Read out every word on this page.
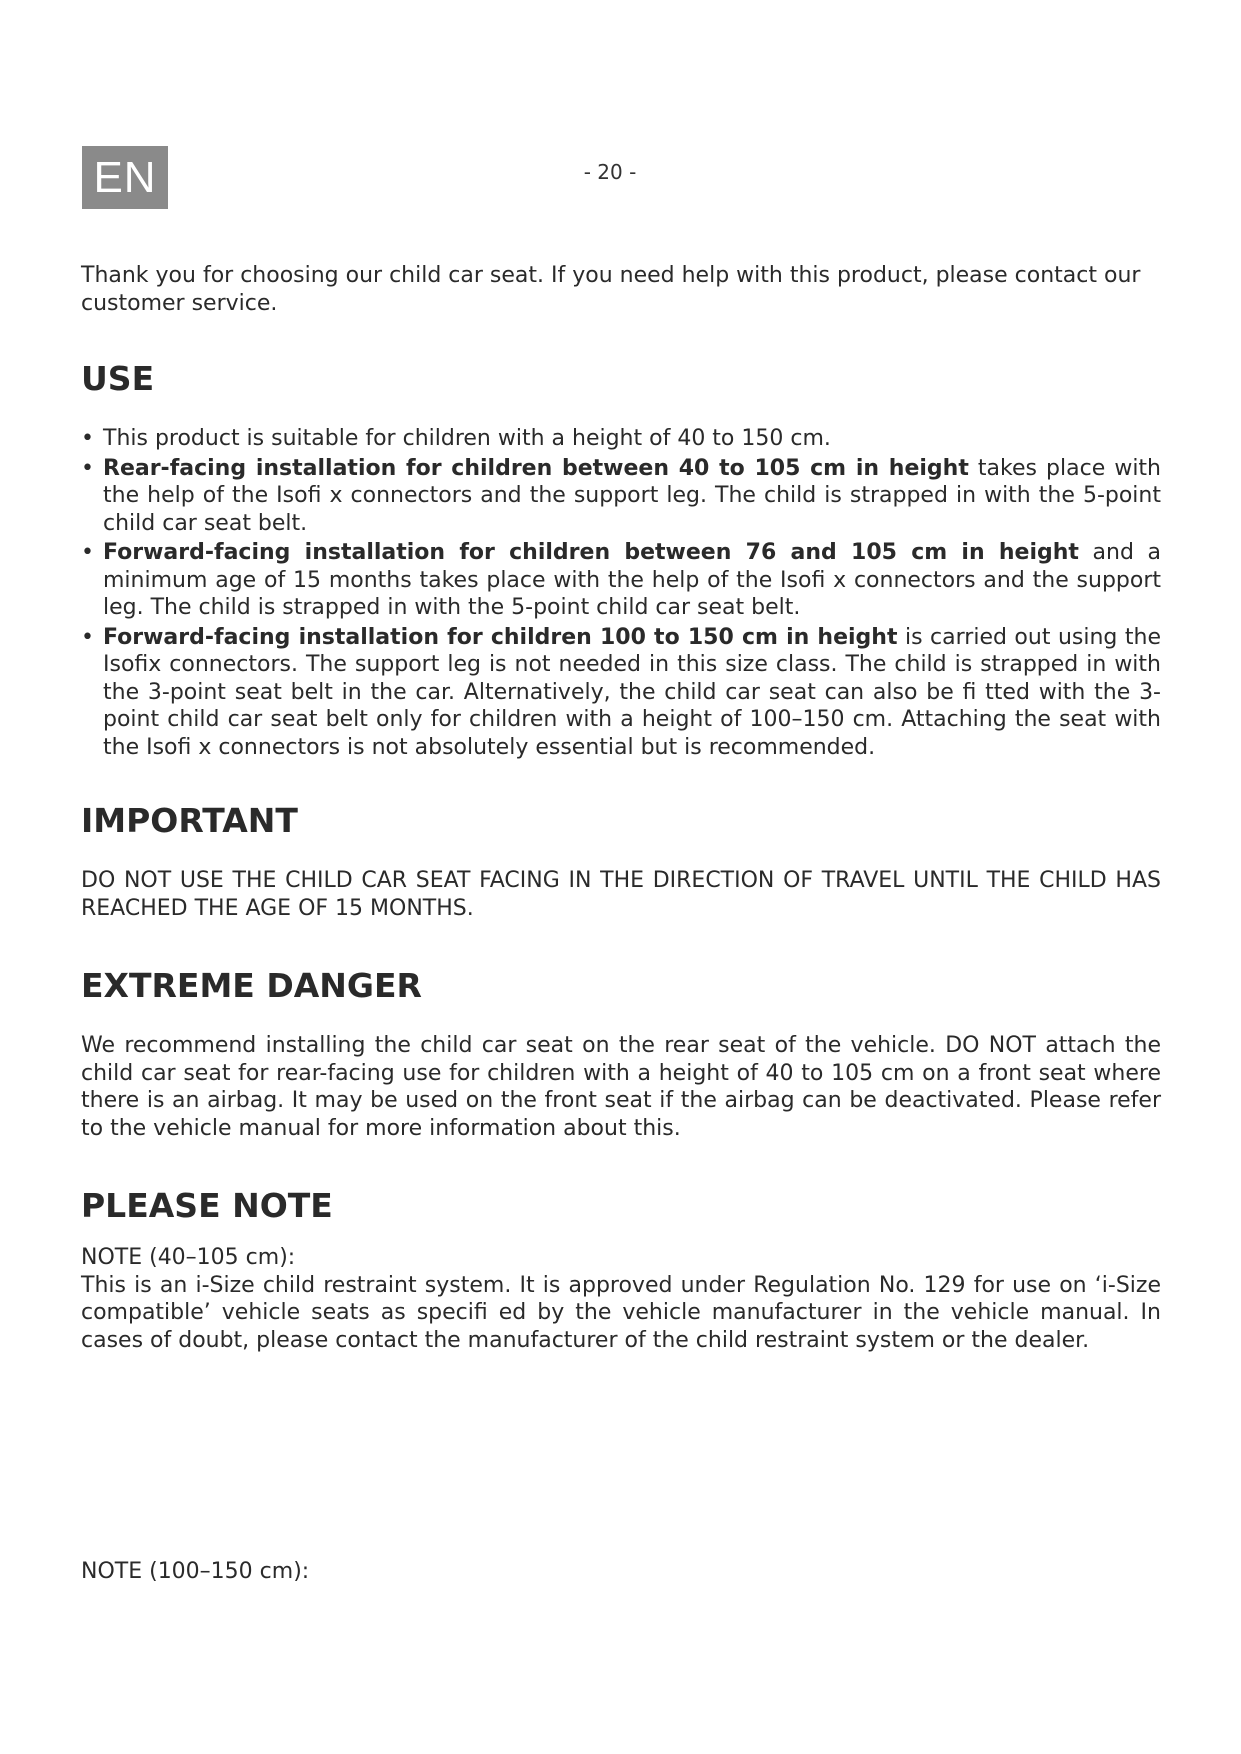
EN	- 20 -

Thank you for choosing our child car seat. If you need help with this product, please contact our customer service.

USE
• This product is suitable for children with a height of 40 to 150 cm.
• Rear-facing installation for children between 40 to 105 cm in height takes place with the help of the Isofi x connectors and the support leg. The child is strapped in with the 5-point child car seat belt.
• Forward-facing installation for children between 76 and 105 cm in height and a minimum age of 15 months takes place with the help of the Isofi x connectors and the support leg. The child is strapped in with the 5-point child car seat belt.
• Forward-facing installation for children 100 to 150 cm in height is carried out using the Isofix connectors. The support leg is not needed in this size class. The child is strapped in with the 3-point seat belt in the car. Alternatively, the child car seat can also be fi tted with the 3-point child car seat belt only for children with a height of 100–150 cm. Attaching the seat with the Isofi x connectors is not absolutely essential but is recommended.
IMPORTANT

DO NOT USE THE CHILD CAR SEAT FACING IN THE DIRECTION OF TRAVEL UNTIL THE CHILD HAS REACHED THE AGE OF 15 MONTHS.

EXTREME DANGER

We recommend installing the child car seat on the rear seat of the vehicle. DO NOT attach the child car seat for rear-facing use for children with a height of 40 to 105 cm on a front seat where there is an airbag. It may be used on the front seat if the airbag can be deactivated. Please refer to the vehicle manual for more information about this.

PLEASE NOTE

NOTE (40–105 cm):

This is an i-Size child restraint system. It is approved under Regulation No. 129 for use on ‘i-Size compatible’ vehicle seats as specifi ed by the vehicle manufacturer in the vehicle manual. In cases of doubt, please contact the manufacturer of the child restraint system or the dealer.

NOTE (100–150 cm):
